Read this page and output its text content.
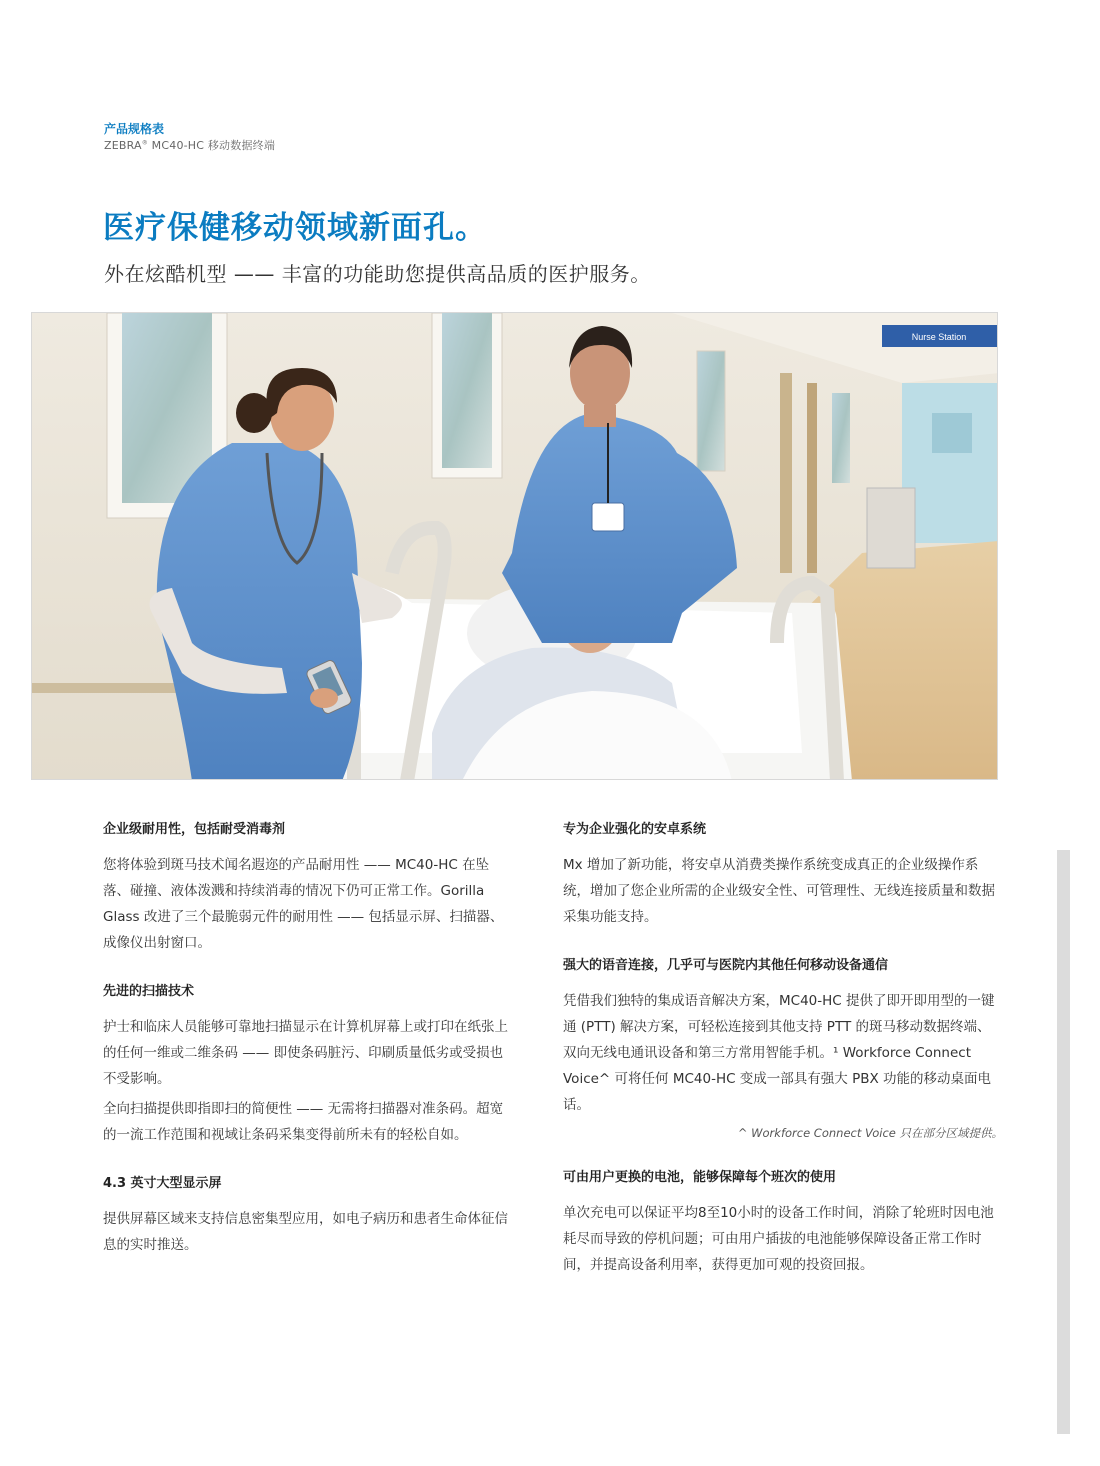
产品规格表
ZEBRA® MC40-HC 移动数据终端
医疗保健移动领域新面孔。
外在炫酷机型 —— 丰富的功能助您提供高品质的医护服务。
Nurse Station

企业级耐用性，包括耐受消毒剂

您将体验到斑马技术闻名遐迩的产品耐用性 —— MC40-HC 在坠落、碰撞、液体泼溅和持续消毒的情况下仍可正常工作。Gorilla Glass 改进了三个最脆弱元件的耐用性 —— 包括显示屏、扫描器、成像仪出射窗口。

先进的扫描技术

护士和临床人员能够可靠地扫描显示在计算机屏幕上或打印在纸张上的任何一维或二维条码 —— 即使条码脏污、印刷质量低劣或受损也不受影响。

全向扫描提供即指即扫的简便性 —— 无需将扫描器对准条码。超宽的一流工作范围和视域让条码采集变得前所未有的轻松自如。

4.3 英寸大型显示屏

提供屏幕区域来支持信息密集型应用，如电子病历和患者生命体征信息的实时推送。

专为企业强化的安卓系统

Mx 增加了新功能，将安卓从消费类操作系统变成真正的企业级操作系统，增加了您企业所需的企业级安全性、可管理性、无线连接质量和数据采集功能支持。

强大的语音连接，几乎可与医院内其他任何移动设备通信

凭借我们独特的集成语音解决方案，MC40-HC 提供了即开即用型的一键通 (PTT) 解决方案，可轻松连接到其他支持 PTT 的斑马移动数据终端、双向无线电通讯设备和第三方常用智能手机。¹ Workforce Connect Voice^ 可将任何 MC40-HC 变成一部具有强大 PBX 功能的移动桌面电话。

^ Workforce Connect Voice 只在部分区域提供。

可由用户更换的电池，能够保障每个班次的使用

单次充电可以保证平均8至10小时的设备工作时间，消除了轮班时因电池耗尽而导致的停机问题；可由用户插拔的电池能够保障设备正常工作时间，并提高设备利用率，获得更加可观的投资回报。
